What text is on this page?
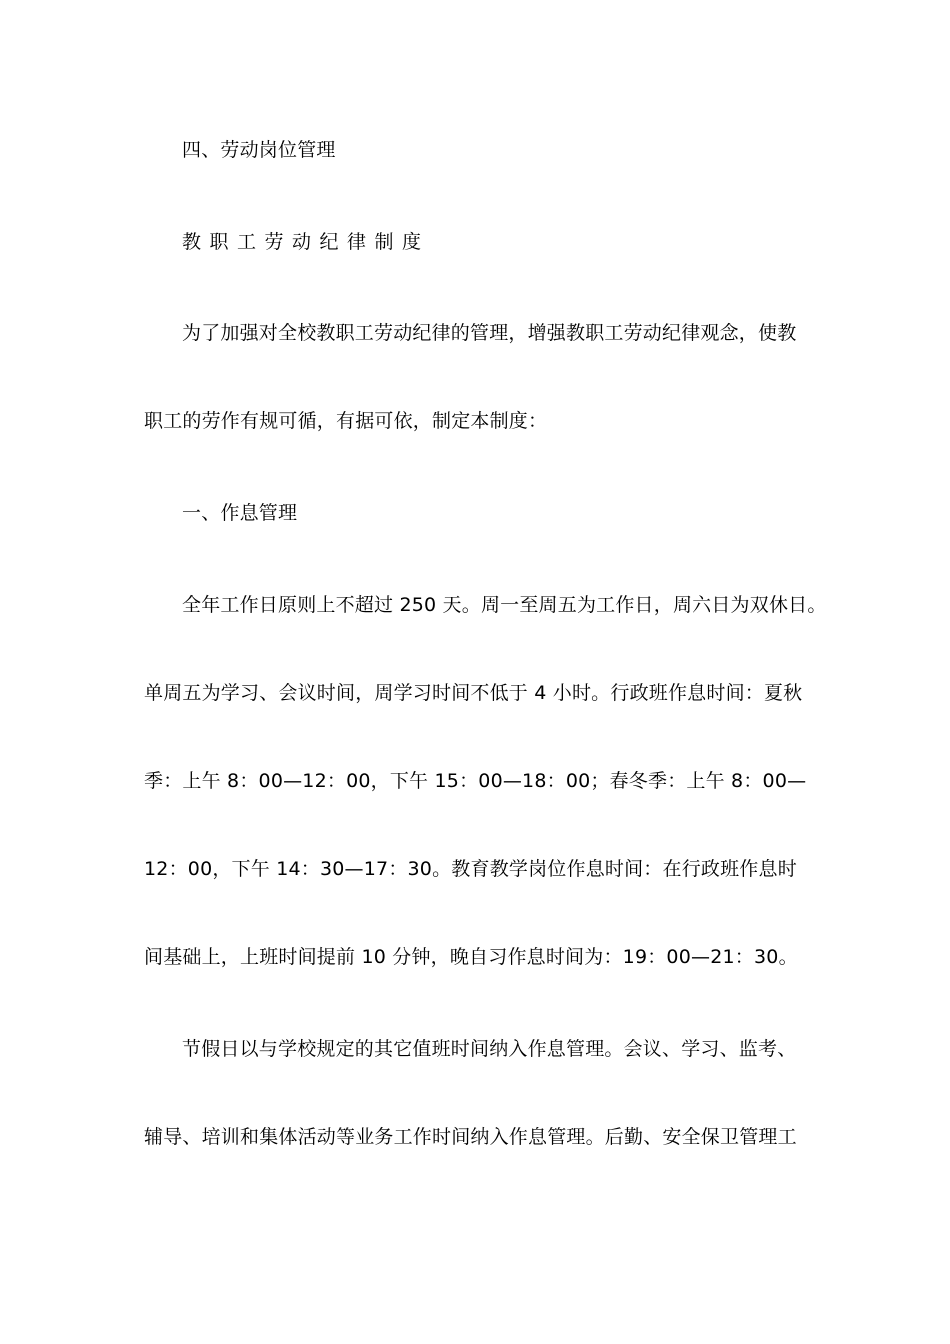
四、劳动岗位管理
教职工劳动纪律制度
为了加强对全校教职工劳动纪律的管理，增强教职工劳动纪律观念，使教
职工的劳作有规可循，有据可依，制定本制度：
一、作息管理
全年工作日原则上不超过 250 天。周一至周五为工作日，周六日为双休日。
单周五为学习、会议时间，周学习时间不低于 4 小时。行政班作息时间：夏秋
季：上午 8：00—12：00，下午 15：00—18：00；春冬季：上午 8：00—
12：00，下午 14：30—17：30。教育教学岗位作息时间：在行政班作息时
间基础上，上班时间提前 10 分钟，晚自习作息时间为：19：00—21：30。
节假日以与学校规定的其它值班时间纳入作息管理。会议、学习、监考、
辅导、培训和集体活动等业务工作时间纳入作息管理。后勤、安全保卫管理工
